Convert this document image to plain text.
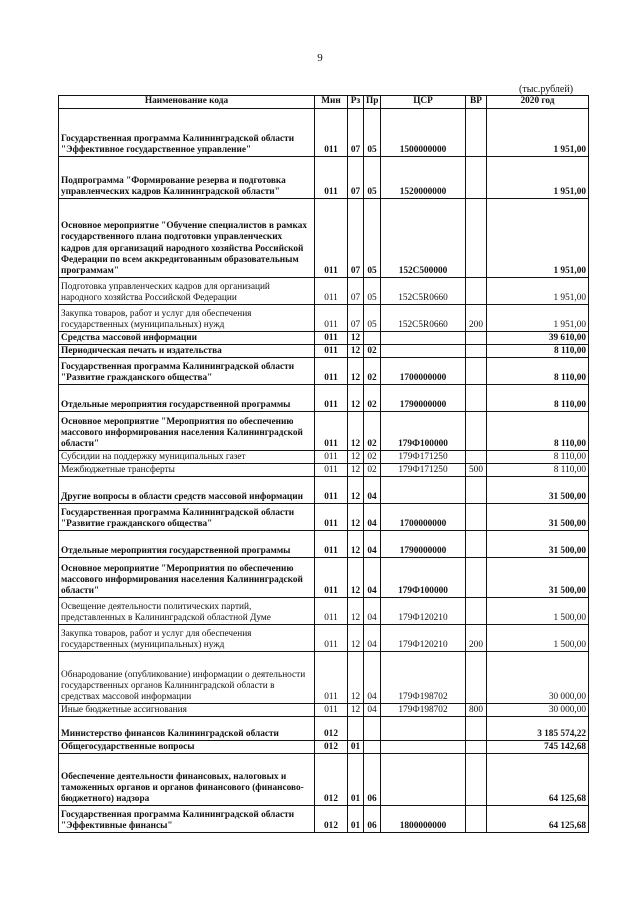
9
(тыс.рублей)
Наименование кода	Мин	Рз	Пр	ЦСР	ВР	2020 год
Государственная программа Калининградской области "Эффективное государственное управление"	011	07	05	1500000000		1 951,00
Подпрограмма "Формирование резерва и подготовка управленческих кадров Калининградской области"	011	07	05	1520000000		1 951,00
Основное мероприятие "Обучение специалистов в рамках государственного плана подготовки управленческих кадров для организаций народного хозяйства Российской Федерации по всем аккредитованным образовательным программам"	011	07	05	152С500000		1 951,00
Подготовка управленческих кадров для организаций народного хозяйства Российской Федерации	011	07	05	152С5R0660		1 951,00
Закупка товаров, работ и услуг для обеспечения государственных (муниципальных) нужд	011	07	05	152С5R0660	200	1 951,00
Средства массовой информации	011	12				39 610,00
Периодическая печать и издательства	011	12	02			8 110,00
Государственная программа Калининградской области "Развитие гражданского общества"	011	12	02	1700000000		8 110,00
Отдельные мероприятия государственной программы	011	12	02	1790000000		8 110,00
Основное мероприятие "Мероприятия по обеспечению массового информирования населения Калининградской области"	011	12	02	179Ф100000		8 110,00
Субсидии на поддержку муниципальных газет	011	12	02	179Ф171250		8 110,00
Межбюджетные трансферты	011	12	02	179Ф171250	500	8 110,00
Другие вопросы в области средств массовой информации	011	12	04			31 500,00
Государственная программа Калининградской области "Развитие гражданского общества"	011	12	04	1700000000		31 500,00
Отдельные мероприятия государственной программы	011	12	04	1790000000		31 500,00
Основное мероприятие "Мероприятия по обеспечению массового информирования населения Калининградской области"	011	12	04	179Ф100000		31 500,00
Освещение деятельности политических партий, представленных в Калининградской областной Думе	011	12	04	179Ф120210		1 500,00
Закупка товаров, работ и услуг для обеспечения государственных (муниципальных) нужд	011	12	04	179Ф120210	200	1 500,00
Обнародование (опубликование) информации о деятельности государственных органов Калининградской области в средствах массовой информации	011	12	04	179Ф198702		30 000,00
Иные бюджетные ассигнования	011	12	04	179Ф198702	800	30 000,00
Министерство финансов Калининградской области	012					3 185 574,22
Общегосударственные вопросы	012	01				745 142,68
Обеспечение деятельности финансовых, налоговых и таможенных органов и органов финансового (финансово-бюджетного) надзора	012	01	06			64 125,68
Государственная программа Калининградской области "Эффективные финансы"	012	01	06	1800000000		64 125,68
